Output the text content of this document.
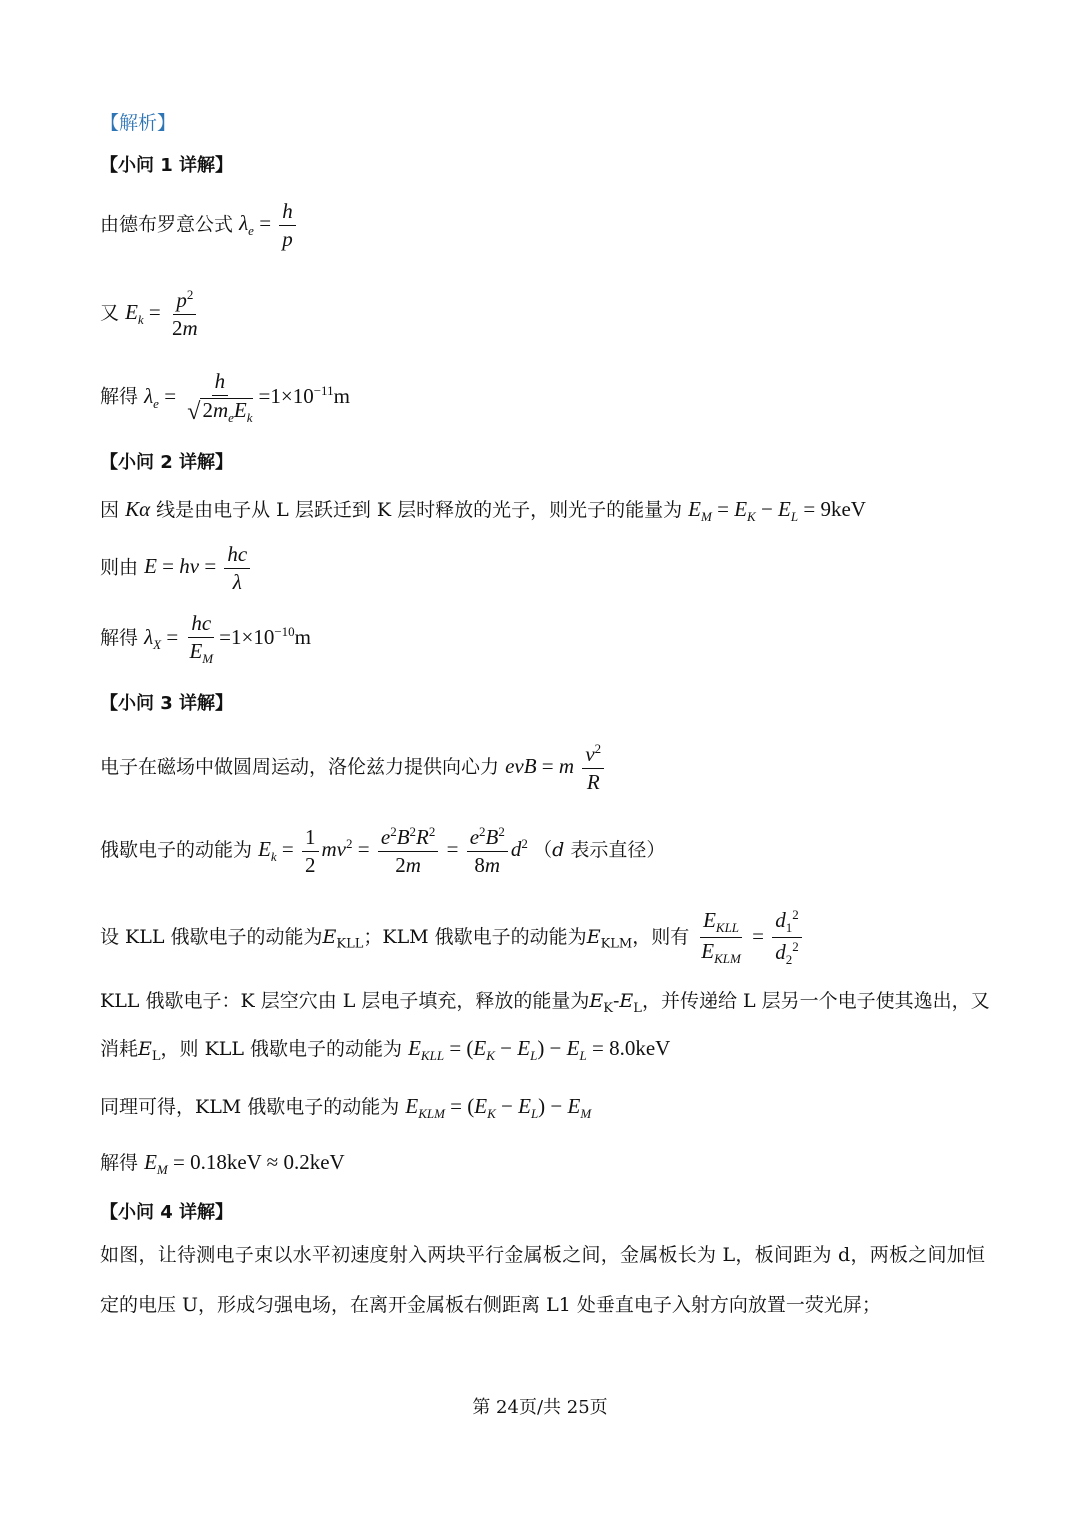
【解析】
【小问 1 详解】
由德布罗意公式 $\lambda_e = \frac{h}{p}$
又 $E_k = \frac{p^2}{2m}$
解得 $\lambda_e = \frac{h}{√2m_eE_k} =1\times 10^{-11}m$
【小问 2 详解】
因 Kα 线是由电子从 L 层跃迁到 K 层时释放的光子，则光子的能量为 $E_M = E_K - E_L = 9keV$
则由 $E = h\nu = \frac{hc}{\lambda}$
解得 $\lambda_X = \frac{hc}{E_M} =1\times 10^{-10}m$
【小问 3 详解】
电子在磁场中做圆周运动，洛伦兹力提供向心力 evB = m $\frac{v^2}{R}$
俄歇电子的动能为 $E_k = \frac{1}{2} mv^2 = \frac{e^2B^2R^2}{2m} = \frac{e^2B^2}{8m} d^2$ （d 表示直径）
设 KLL 俄歇电子的动能为$E_{KLL}$；KLM 俄歇电子的动能为$E_{KLM}$，则有 $\frac{E_{KLL}}{E_{KLM}} = \frac{d_1^2}{d_2^2}$
KLL 俄歇电子：K 层空穴由 L 层电子填充，释放的能量为$E_K-E_L$，并传递给 L 层另一个电子使其逸出，又
消耗$E_L$，则 KLL 俄歇电子的动能为 $E_{KLL} = (E_K - E_L) - E_L = 8.0keV$
同理可得，KLM 俄歇电子的动能为 $E_{KLM} = (E_K - E_L) - E_M$
解得 $E_M = 0.18keV \approx 0.2keV$
【小问 4 详解】
如图，让待测电子束以水平初速度射入两块平行金属板之间，金属板长为 L，板间距为 d，两板之间加恒定的电压 U，形成匀强电场，在离开金属板右侧距离 L1 处垂直电子入射方向放置一荧光屏；
第 24页/共 25页
